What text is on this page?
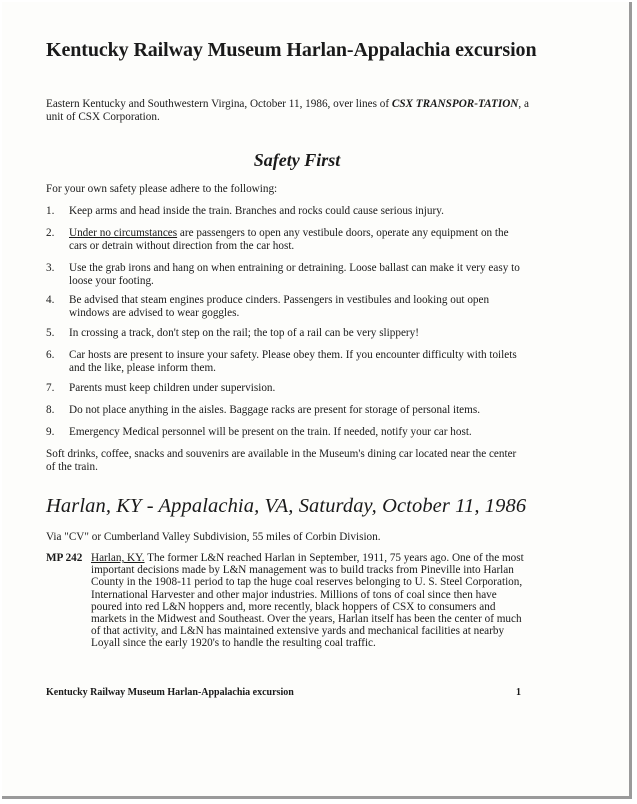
Kentucky Railway Museum Harlan-Appalachia excursion
Eastern Kentucky and Southwestern Virgina, October 11, 1986, over lines of CSX TRANSPOR-TATION, a unit of CSX Corporation.
Safety First
For your own safety please adhere to the following:
1. Keep arms and head inside the train. Branches and rocks could cause serious injury.
2. Under no circumstances are passengers to open any vestibule doors, operate any equipment on the cars or detrain without direction from the car host.
3. Use the grab irons and hang on when entraining or detraining. Loose ballast can make it very easy to loose your footing.
4. Be advised that steam engines produce cinders. Passengers in vestibules and looking out open windows are advised to wear goggles.
5. In crossing a track, don't step on the rail; the top of a rail can be very slippery!
6. Car hosts are present to insure your safety. Please obey them. If you encounter difficulty with toilets and the like, please inform them.
7. Parents must keep children under supervision.
8. Do not place anything in the aisles. Baggage racks are present for storage of personal items.
9. Emergency Medical personnel will be present on the train. If needed, notify your car host.
Soft drinks, coffee, snacks and souvenirs are available in the Museum's dining car located near the center of the train.
Harlan, KY - Appalachia, VA, Saturday, October 11, 1986
Via "CV" or Cumberland Valley Subdivision, 55 miles of Corbin Division.
MP 242 Harlan, KY. The former L&N reached Harlan in September, 1911, 75 years ago. One of the most important decisions made by L&N management was to build tracks from Pineville into Harlan County in the 1908-11 period to tap the huge coal reserves belonging to U. S. Steel Corporation, International Harvester and other major industries. Millions of tons of coal since then have poured into red L&N hoppers and, more recently, black hoppers of CSX to consumers and markets in the Midwest and Southeast. Over the years, Harlan itself has been the center of much of that activity, and L&N has maintained extensive yards and mechanical facilities at nearby Loyall since the early 1920's to handle the resulting coal traffic.
Kentucky Railway Museum Harlan-Appalachia excursion	1
